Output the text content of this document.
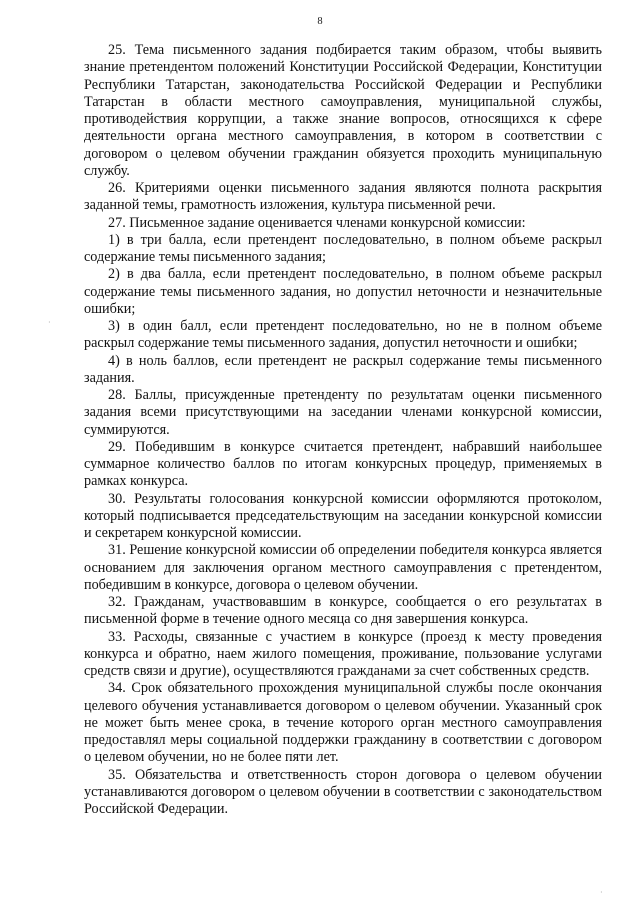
8

25. Тема письменного задания подбирается таким образом, чтобы выявить знание претендентом положений Конституции Российской Федерации, Конституции Республики Татарстан, законодательства Российской Федерации и Республики Татарстан в области местного самоуправления, муниципальной службы, противодействия коррупции, а также знание вопросов, относящихся к сфере деятельности органа местного самоуправления, в котором в соответствии с договором о целевом обучении гражданин обязуется проходить муниципальную службу.

26. Критериями оценки письменного задания являются полнота раскрытия заданной темы, грамотность изложения, культура письменной речи.

27. Письменное задание оценивается членами конкурсной комиссии:

1) в три балла, если претендент последовательно, в полном объеме раскрыл содержание темы письменного задания;

2) в два балла, если претендент последовательно, в полном объеме раскрыл содержание темы письменного задания, но допустил неточности и незначительные ошибки;

3) в один балл, если претендент последовательно, но не в полном объеме раскрыл содержание темы письменного задания, допустил неточности и ошибки;

4) в ноль баллов, если претендент не раскрыл содержание темы письменного задания.

28. Баллы, присужденные претенденту по результатам оценки письменного задания всеми присутствующими на заседании членами конкурсной комиссии, суммируются.

29. Победившим в конкурсе считается претендент, набравший наибольшее суммарное количество баллов по итогам конкурсных процедур, применяемых в рамках конкурса.

30. Результаты голосования конкурсной комиссии оформляются протоколом, который подписывается председательствующим на заседании конкурсной комиссии и секретарем конкурсной комиссии.

31. Решение конкурсной комиссии об определении победителя конкурса является основанием для заключения органом местного самоуправления с претендентом, победившим в конкурсе, договора о целевом обучении.

32. Гражданам, участвовавшим в конкурсе, сообщается о его результатах в письменной форме в течение одного месяца со дня завершения конкурса.

33. Расходы, связанные с участием в конкурсе (проезд к месту проведения конкурса и обратно, наем жилого помещения, проживание, пользование услугами средств связи и другие), осуществляются гражданами за счет собственных средств.

34. Срок обязательного прохождения муниципальной службы после окончания целевого обучения устанавливается договором о целевом обучении. Указанный срок не может быть менее срока, в течение которого орган местного самоуправления предоставлял меры социальной поддержки гражданину в соответствии с договором о целевом обучении, но не более пяти лет.

35. Обязательства и ответственность сторон договора о целевом обучении устанавливаются договором о целевом обучении в соответствии с законодательством Российской Федерации.

·
·
